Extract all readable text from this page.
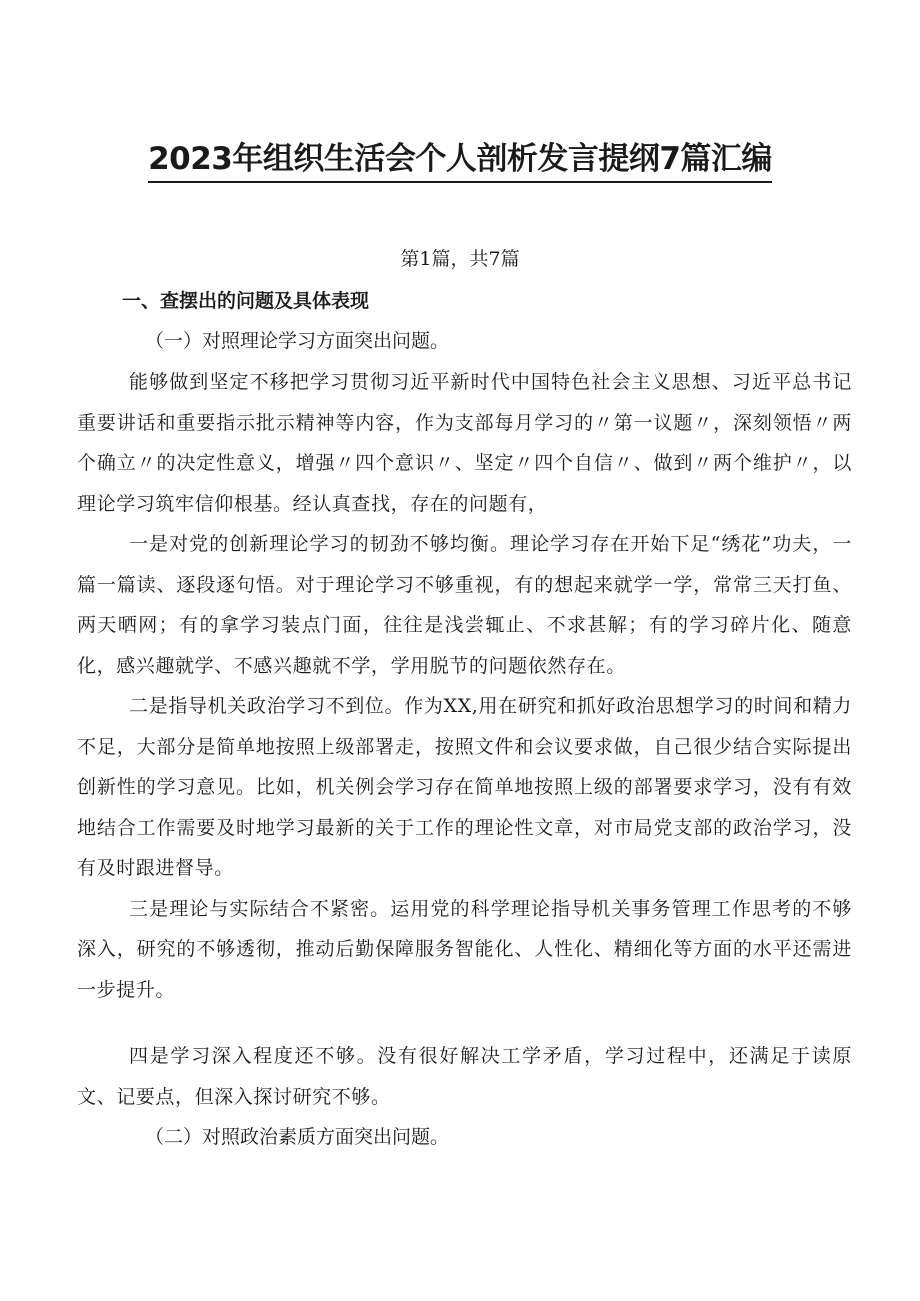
2023年组织生活会个人剖析发言提纲7篇汇编
第1篇，共7篇
一、查摆出的问题及具体表现
（一）对照理论学习方面突出问题。

能够做到坚定不移把学习贯彻习近平新时代中国特色社会主义思想、习近平总书记重要讲话和重要指示批示精神等内容，作为支部每月学习的〃第一议题〃，深刻领悟〃两个确立〃的决定性意义，增强〃四个意识〃、坚定〃四个自信〃、做到〃两个维护〃，以理论学习筑牢信仰根基。经认真查找，存在的问题有，

一是对党的创新理论学习的韧劲不够均衡。理论学习存在开始下足“绣花”功夫，一篇一篇读、逐段逐句悟。对于理论学习不够重视，有的想起来就学一学，常常三天打鱼、两天晒网；有的拿学习装点门面，往往是浅尝辄止、不求甚解；有的学习碎片化、随意化，感兴趣就学、不感兴趣就不学，学用脱节的问题依然存在。

二是指导机关政治学习不到位。作为XX,用在研究和抓好政治思想学习的时间和精力不足，大部分是简单地按照上级部署走，按照文件和会议要求做，自己很少结合实际提出创新性的学习意见。比如，机关例会学习存在简单地按照上级的部署要求学习，没有有效地结合工作需要及时地学习最新的关于工作的理论性文章，对市局党支部的政治学习，没有及时跟进督导。

三是理论与实际结合不紧密。运用党的科学理论指导机关事务管理工作思考的不够深入，研究的不够透彻，推动后勤保障服务智能化、人性化、精细化等方面的水平还需进一步提升。

四是学习深入程度还不够。没有很好解决工学矛盾，学习过程中，还满足于读原文、记要点，但深入探讨研究不够。

（二）对照政治素质方面突出问题。
